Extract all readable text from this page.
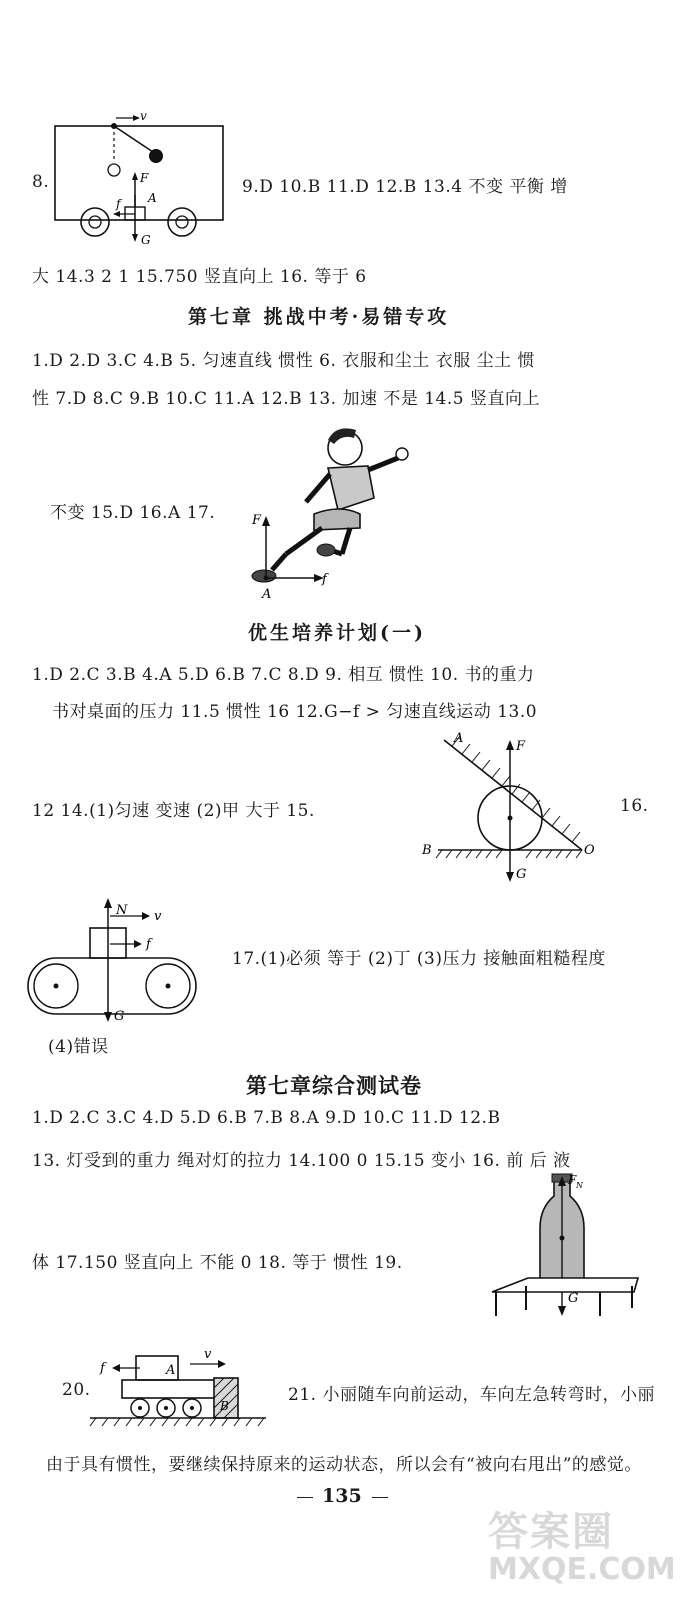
8.
v
F
f A
G
9.D 10.B 11.D 12.B 13.4 不变 平衡 增
大 14.3 2 1 15.750 竖直向上 16. 等于 6
第七章 挑战中考·易错专攻
1.D 2.D 3.C 4.B 5. 匀速直线 惯性 6. 衣服和尘土 衣服 尘土 惯
性 7.D 8.C 9.B 10.C 11.A 12.B 13. 加速 不是 14.5 竖直向上
F
f
A
不变 15.D 16.A 17.
优生培养计划(一)
1.D 2.C 3.B 4.A 5.D 6.B 7.C 8.D 9. 相互 惯性 10. 书的重力
书对桌面的压力 11.5 惯性 16 12.G−f > 匀速直线运动 13.0
A
F
B	O
G
12 14.(1)匀速 变速 (2)甲 大于 15.	16.
N v
f
G
17.(1)必须 等于 (2)丁 (3)压力 接触面粗糙程度
(4)错误
第七章综合测试卷
1.D 2.C 3.C 4.D 5.D 6.B 7.B 8.A 9.D 10.C 11.D 12.B
13. 灯受到的重力 绳对灯的拉力 14.100 0 15.15 变小 16. 前 后 液
F N
G
体 17.150 竖直向上 不能 0 18. 等于 惯性 19.
20.
f	A
v
B
21. 小丽随车向前运动，车向左急转弯时，小丽
由于具有惯性，要继续保持原来的运动状态，所以会有“被向右甩出”的感觉。
135
答案圈
MXQE.COM
